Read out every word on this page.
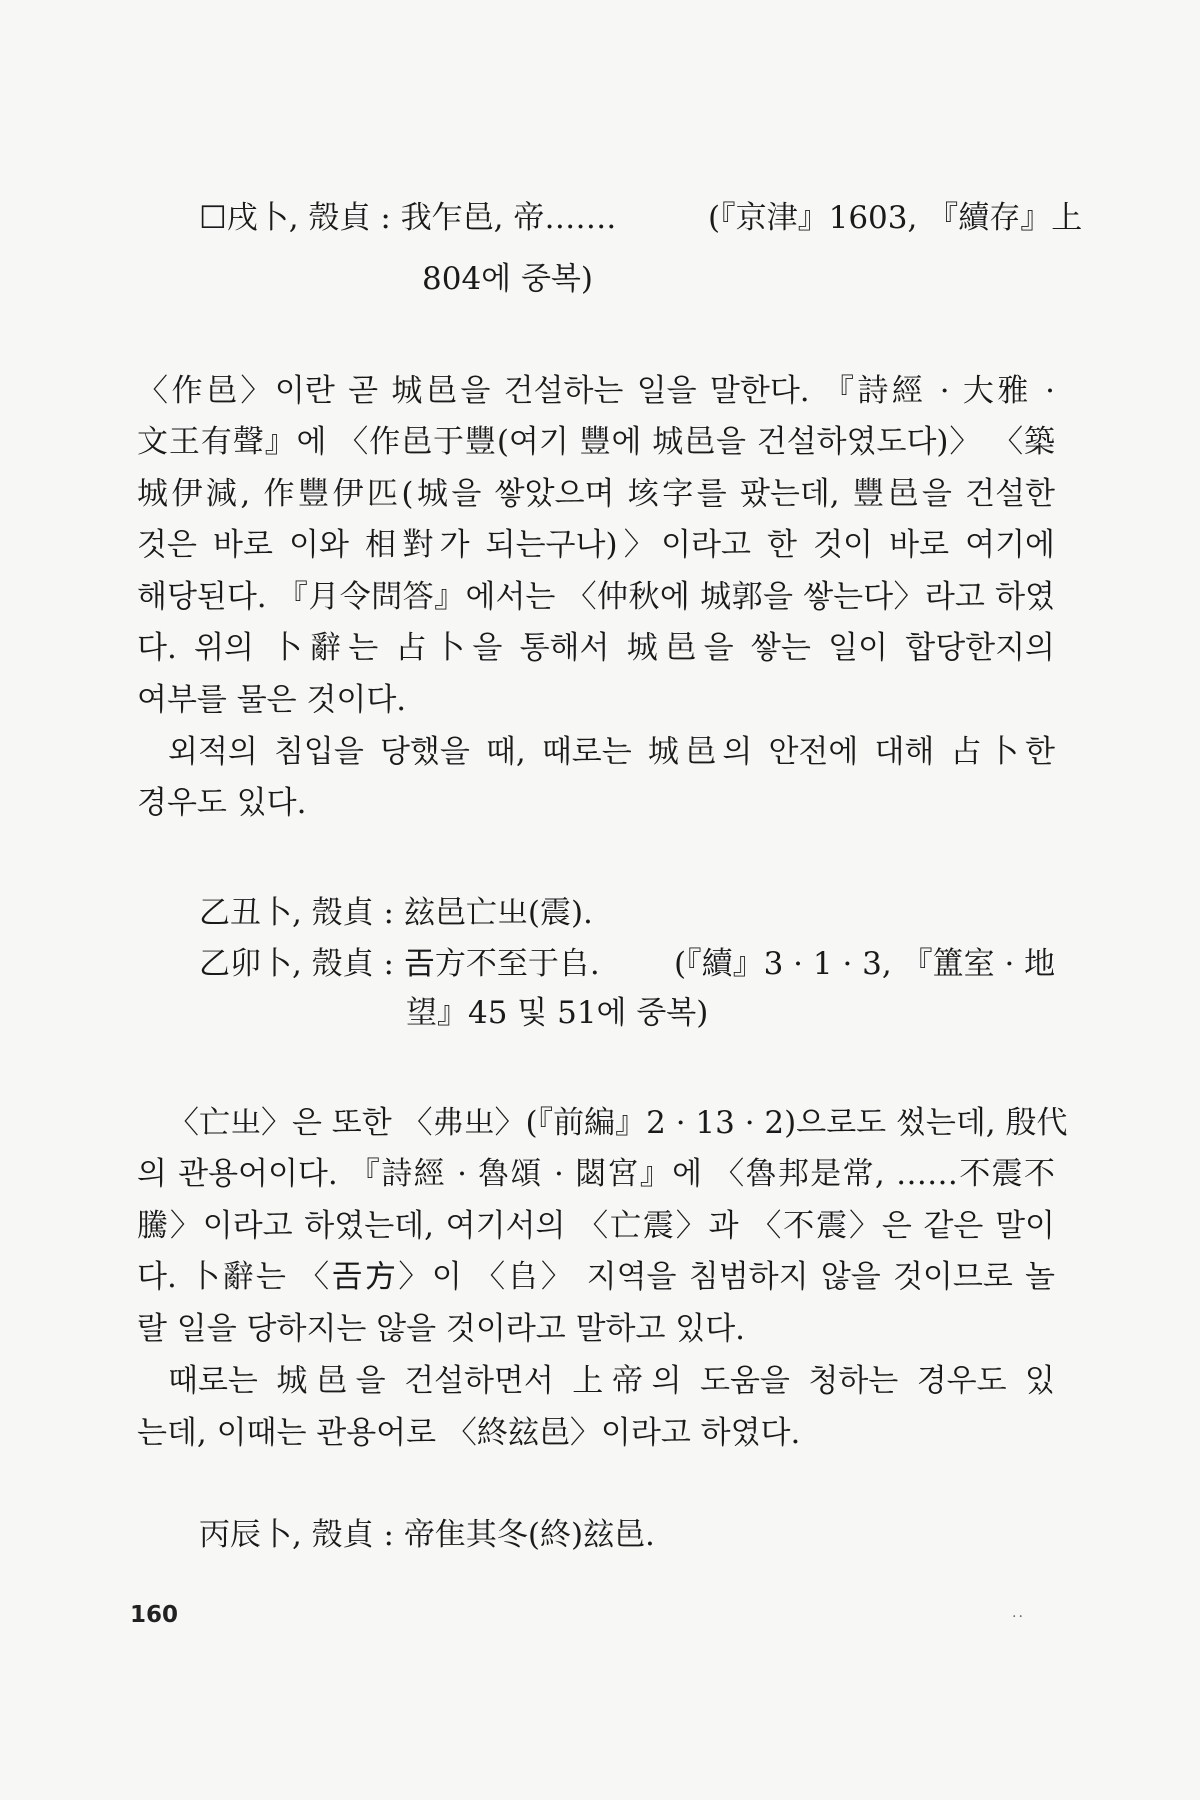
☐戌卜, 殼貞 : 我乍邑, 帝…….	(『京津』1603, 『續存』上
804에 중복)
〈作邑〉이란 곧 城邑을 건설하는 일을 말한다. 『詩經 · 大雅 ·
文王有聲』에 〈作邑于豐(여기 豐에 城邑을 건설하였도다)〉 〈築
城伊減, 作豐伊匹(城을 쌓았으며 垓字를 팠는데, 豐邑을 건설한
것은 바로 이와 相對가 되는구나)〉이라고 한 것이 바로 여기에
해당된다. 『月令問答』에서는 〈仲秋에 城郭을 쌓는다〉라고 하였
다. 위의 卜辭는 占卜을 통해서 城邑을 쌓는 일이 합당한지의
여부를 물은 것이다.
외적의 침입을 당했을 때, 때로는 城邑의 안전에 대해 占卜한
경우도 있다.
乙丑卜, 殼貞 : 玆邑亡㞢(震).
乙卯卜, 殼貞 : 𢀛方不至于𠂤. (『續』3 · 1 · 3, 『簠室 · 地
望』45 및 51에 중복)
〈亡㞢〉은 또한 〈弗㞢〉(『前編』2 · 13 · 2)으로도 썼는데, 殷代
의 관용어이다. 『詩經 · 魯頌 · 閟宮』에 〈魯邦是常, ……不震不
騰〉이라고 하였는데, 여기서의 〈亡震〉과 〈不震〉은 같은 말이
다. 卜辭는 〈𢀛方〉이 〈𠂤〉 지역을 침범하지 않을 것이므로 놀
랄 일을 당하지는 않을 것이라고 말하고 있다.
때로는 城邑을 건설하면서 上帝의 도움을 청하는 경우도 있
는데, 이때는 관용어로 〈終玆邑〉이라고 하였다.
丙辰卜, 殼貞 : 帝隹其冬(終)玆邑.
160	..
